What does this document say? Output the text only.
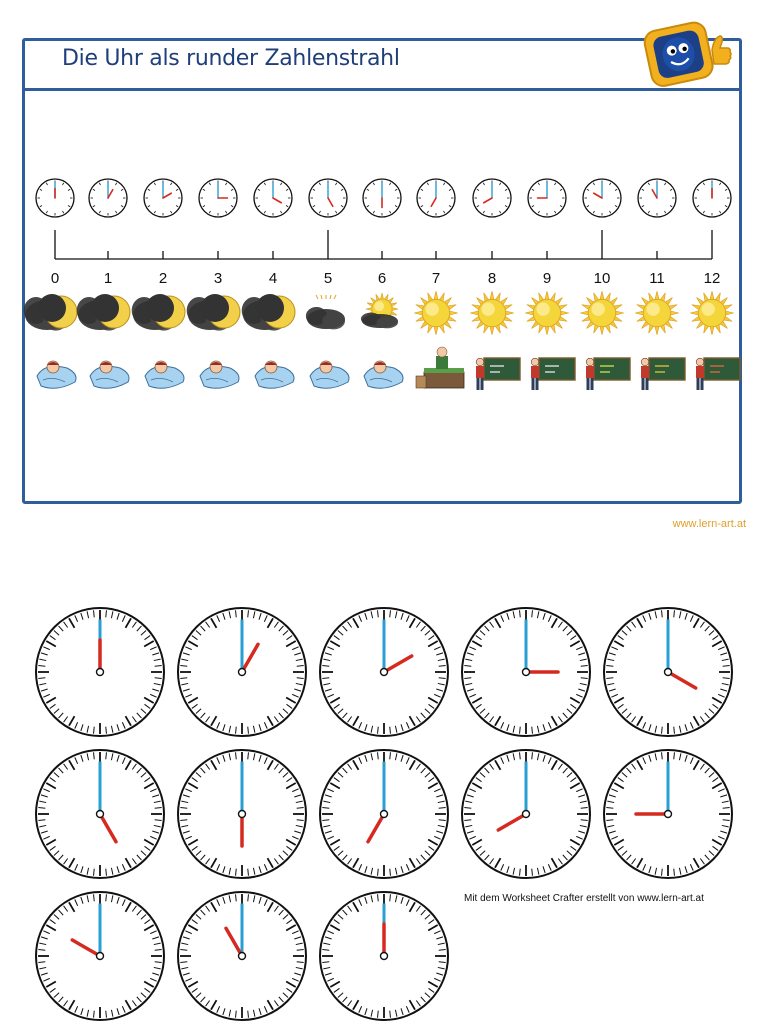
Die Uhr als runder Zahlenstrahl
0	1	2	3	4	5	6	7	8	9	10	11	12
www.lern-art.at
Mit dem Worksheet Crafter erstellt von www.lern-art.at
